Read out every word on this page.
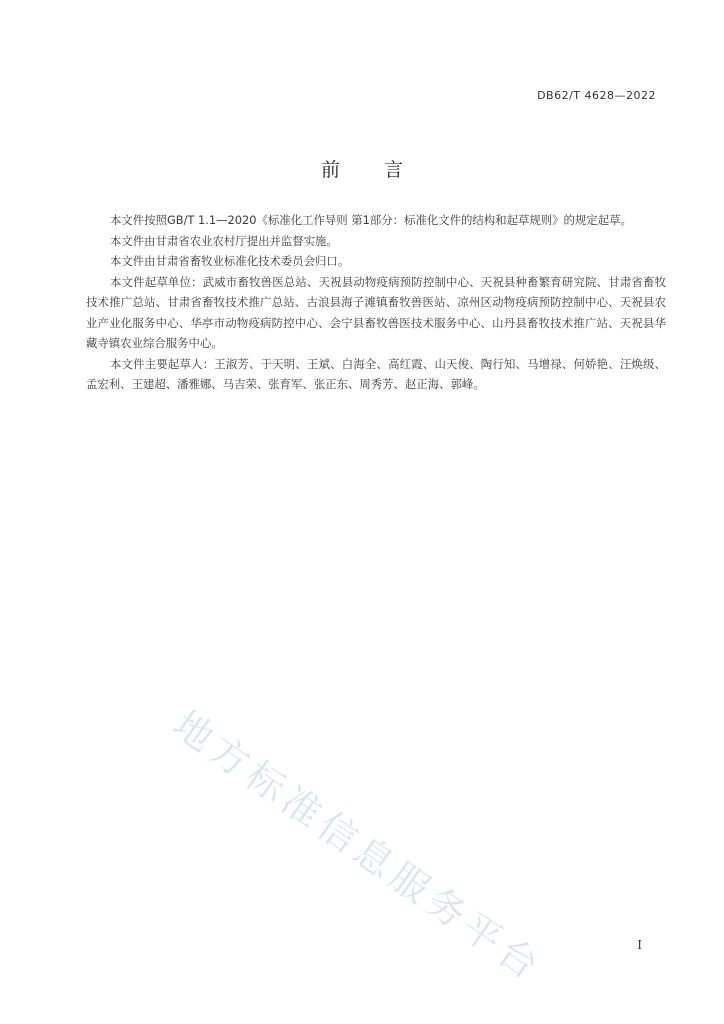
DB62/T 4628—2022
前言

本文件按照GB/T 1.1—2020《标准化工作导则 第1部分：标准化文件的结构和起草规则》的规定起草。

本文件由甘肃省农业农村厅提出并监督实施。

本文件由甘肃省畜牧业标准化技术委员会归口。

本文件起草单位：武威市畜牧兽医总站、天祝县动物疫病预防控制中心、天祝县种畜繁育研究院、甘肃省畜牧技术推广总站、甘肃省畜牧技术推广总站、古浪县海子滩镇畜牧兽医站、凉州区动物疫病预防控制中心、天祝县农业产业化服务中心、华亭市动物疫病防控中心、会宁县畜牧兽医技术服务中心、山丹县畜牧技术推广站、天祝县华藏寺镇农业综合服务中心。

本文件主要起草人：王淑芳、于天明、王斌、白海全、高红霞、山天俊、陶行知、马增禄、何娇艳、汪焕级、孟宏利、王建超、潘雅娜、马吉荣、张育军、张正东、周秀芳、赵正海、郭峰。

地方标准信息服务平台	I
